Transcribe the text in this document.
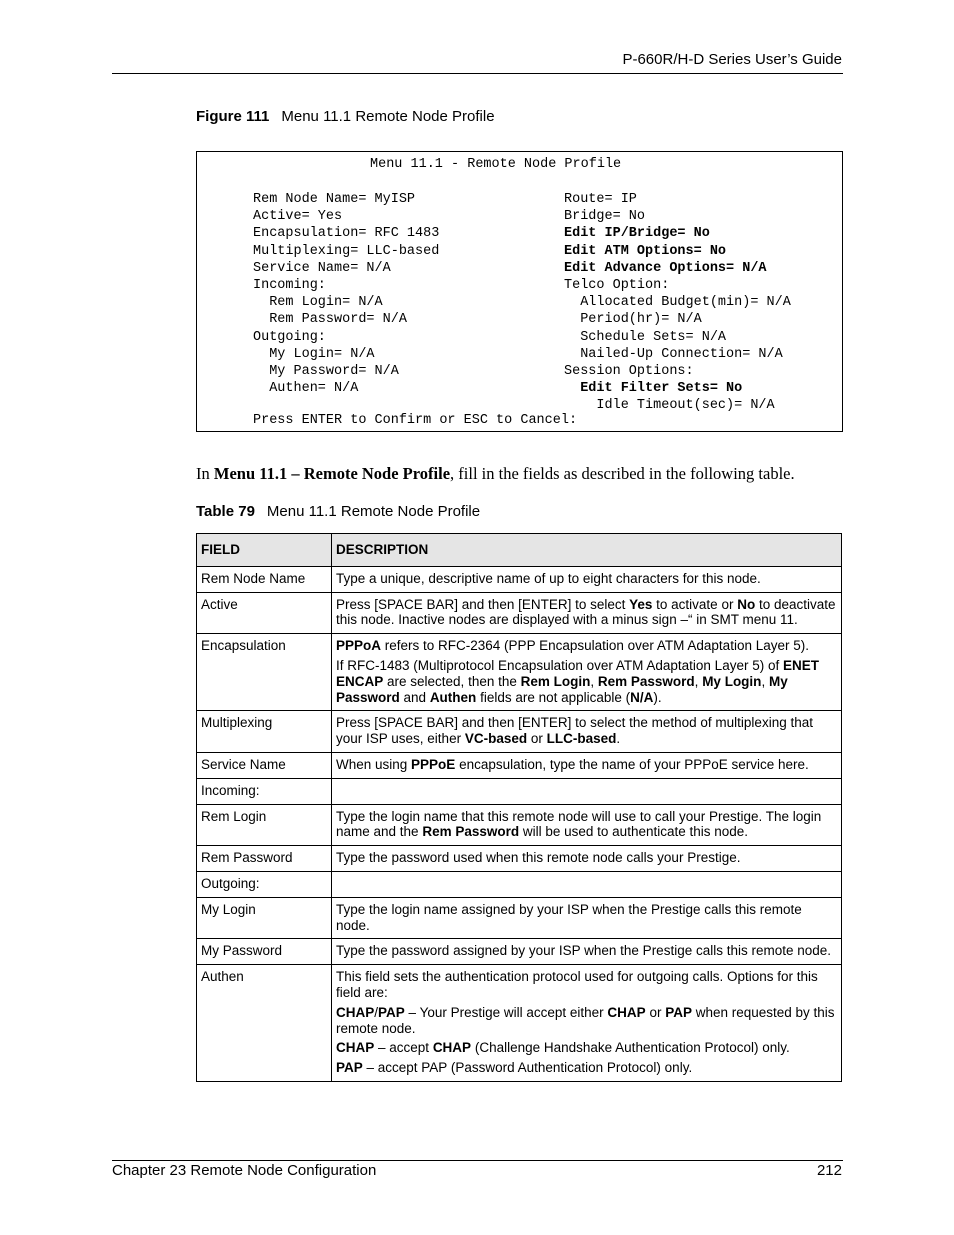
P-660R/H-D Series User’s Guide
Figure 111 Menu 11.1 Remote Node Profile
Menu 11.1 - Remote Node Profile
Rem Node Name= MyISP
Active= Yes
Encapsulation= RFC 1483
Multiplexing= LLC-based
Service Name= N/A
Incoming:
Rem Login= N/A
Rem Password= N/A
Outgoing:
My Login= N/A
My Password= N/A
Authen= N/A
Route= IP
Bridge= No
Edit IP/Bridge= No
Edit ATM Options= No
Edit Advance Options= N/A
Telco Option:
Allocated Budget(min)= N/A
Period(hr)= N/A
Schedule Sets= N/A
Nailed-Up Connection= N/A
Session Options:
Edit Filter Sets= No
Idle Timeout(sec)= N/A
Press ENTER to Confirm or ESC to Cancel:
In Menu 11.1 – Remote Node Profile, fill in the fields as described in the following table.
Table 79 Menu 11.1 Remote Node Profile
FIELD	DESCRIPTION
Rem Node Name	Type a unique, descriptive name of up to eight characters for this node.

Active	Press [SPACE BAR] and then [ENTER] to select Yes to activate or No to deactivate this node. Inactive nodes are displayed with a minus sign –“ in SMT menu 11.

Encapsulation	PPPoA refers to RFC-2364 (PPP Encapsulation over ATM Adaptation Layer 5).

If RFC-1483 (Multiprotocol Encapsulation over ATM Adaptation Layer 5) of ENET ENCAP are selected, then the Rem Login, Rem Password, My Login, My Password and Authen fields are not applicable (N/A).

Multiplexing	Press [SPACE BAR] and then [ENTER] to select the method of multiplexing that your ISP uses, either VC-based or LLC-based.

Service Name	When using PPPoE encapsulation, type the name of your PPPoE service here.

Incoming:	
Rem Login	Type the login name that this remote node will use to call your Prestige. The login name and the Rem Password will be used to authenticate this node.

Rem Password	Type the password used when this remote node calls your Prestige.

Outgoing:	
My Login	Type the login name assigned by your ISP when the Prestige calls this remote node.

My Password	Type the password assigned by your ISP when the Prestige calls this remote node.

Authen	This field sets the authentication protocol used for outgoing calls. Options for this field are:

CHAP/PAP – Your Prestige will accept either CHAP or PAP when requested by this remote node.

CHAP – accept CHAP (Challenge Handshake Authentication Protocol) only.

PAP – accept PAP (Password Authentication Protocol) only.

Chapter 23 Remote Node Configuration	212
